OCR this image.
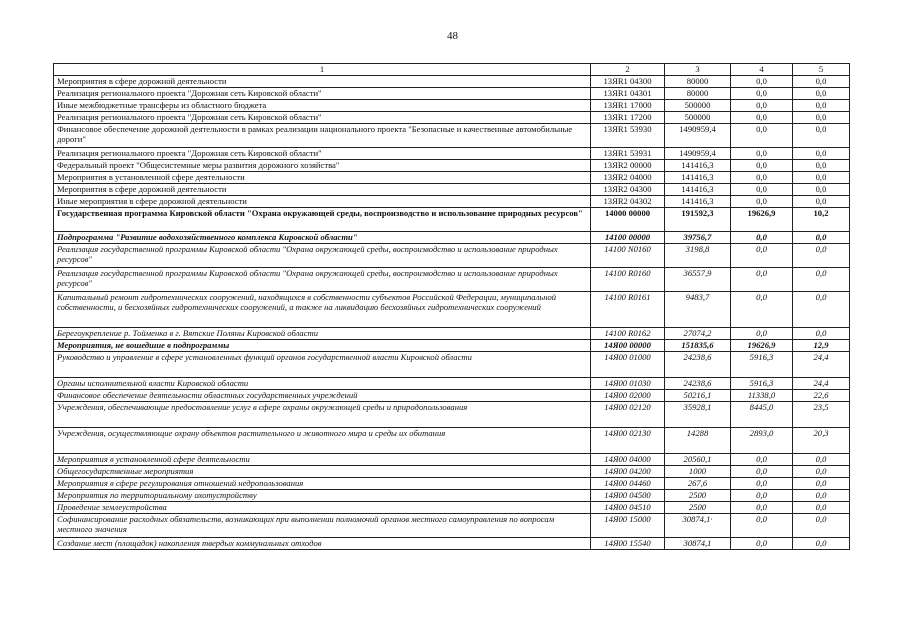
48
1	2	3	4	5
Мероприятия в сфере дорожной деятельности	13ЯR1 04300	80000	0,0	0,0
Реализация регионального проекта "Дорожная сеть Кировской области"	13ЯR1 04301	80000	0,0	0,0
Иные межбюджетные трансферы из областного бюджета	13ЯR1 17000	500000	0,0	0,0
Реализация регионального проекта "Дорожная сеть Кировской области"	13ЯR1 17200	500000	0,0	0,0
Финансовое обеспечение дорожной деятельности в рамках реализации национального проекта "Безопасные и качественные автомобильные дороги"	13ЯR1 53930	1490959,4	0,0	0,0
Реализация регионального проекта "Дорожная сеть Кировской области"	13ЯR1 53931	1490959,4	0,0	0,0
Федеральный проект "Общесистемные меры развития дорожного хозяйства"	13ЯR2 00000	141416,3	0,0	0,0
Мероприятия в установленной сфере деятельности	13ЯR2 04000	141416,3	0,0	0,0
Мероприятия в сфере дорожной деятельности	13ЯR2 04300	141416,3	0,0	0,0
Иные мероприятия в сфере дорожной деятельности	13ЯR2 04302	141416,3	0,0	0,0
Государственная программа Кировской области "Охрана окружающей среды, воспроизводство и использование природных ресурсов"	14000 00000	191592,3	19626,9	10,2
Подпрограмма "Развитие водохозяйственного комплекса Кировской области"	14100 00000	39756,7	0,0	0,0
Реализация государственной программы Кировской области "Охрана окружающей среды, воспроизводство и использование природных ресурсов"	14100 N0160	3198,8	0,0	0,0
Реализация государственной программы Кировской области "Охрана окружающей среды, воспроизводство и использование природных ресурсов"	14100 R0160	36557,9	0,0	0,0
Капитальный ремонт гидротехнических сооружений, находящихся в собственности субъектов Российской Федерации, муниципальной собственности, и бесхозяйных гидротехнических сооружений, а также на ликвидацию бесхозяйных гидротехнических сооружений	14100 R0161	9483,7	0,0	0,0
Берегоукрепление р. Тойменка в г. Вятские Поляны Кировской области	14100 R0162	27074,2	0,0	0,0
Мероприятия, не вошедшие в подпрограммы	14Я00 00000	151835,6	19626,9	12,9
Руководство и управление в сфере установленных функций органов государственной власти Кировской области	14Я00 01000	24238,6	5916,3	24,4
Органы исполнительной власти Кировской области	14Я00 01030	24238,6	5916,3	24,4
Финансовое обеспечение деятельности областных государственных учреждений	14Я00 02000	50216,1	11338,0	22,6
Учреждения, обеспечивающие предоставление услуг в сфере охраны окружающей среды и природопользования	14Я00 02120	35928,1	8445,0	23,5
Учреждения, осуществляющие охрану объектов растительного и животного мира и среды их обитания	14Я00 02130	14288	2893,0	20,3
Мероприятия в установленной сфере деятельности	14Я00 04000	20560,1	0,0	0,0
Общегосударственные мероприятия	14Я00 04200	1000	0,0	0,0
Мероприятия в сфере регулирования отношений недропользования	14Я00 04460	267,6	0,0	0,0
Мероприятия по территориальному охотустройству	14Я00 04500	2500	0,0	0,0
Проведение землеустройства	14Я00 04510	2500	0,0	0,0
Софинансирование расходных обязательств, возникающих при выполнении полномочий органов местного самоуправления по вопросам местного значения	14Я00 15000	30874,1·	0,0	0,0
Создание мест (площадок) накопления твердых коммунальных отходов	14Я00 15540	30874,1	0,0	0,0
